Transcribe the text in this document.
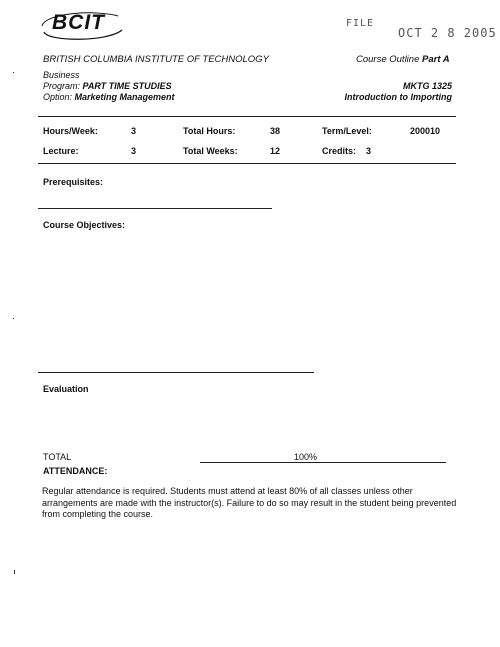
BCIT	FILE
OCT 2 8 2005
BRITISH COLUMBIA INSTITUTE OF TECHNOLOGY	Course Outline Part A
Business
Program: PART TIME STUDIES
Option: Marketing Management
MKTG 1325
Introduction to Importing
Hours/Week:	3	Total Hours:	38	Term/Level:	200010
Lecture:	3	Total Weeks:	12	Credits: 3
Prerequisites:
Course Objectives:
Evaluation
TOTAL	100%
ATTENDANCE:
Regular attendance is required. Students must attend at least 80% of all classes unless other arrangements are made with the instructor(s). Failure to do so may result in the student being prevented from completing the course.
